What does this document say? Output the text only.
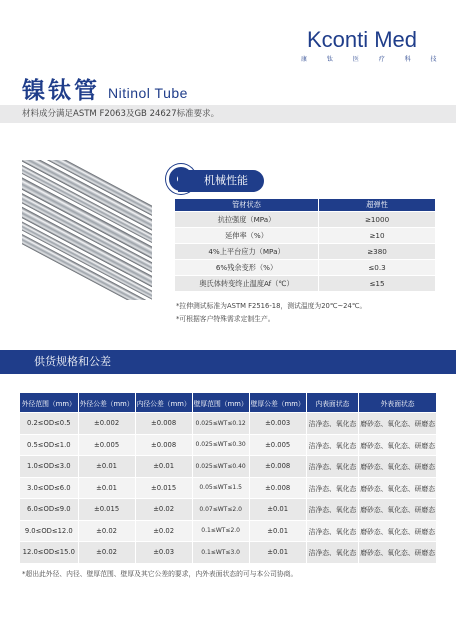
Kconti Med
康 钛 医 疗 科 技
镍钛管 Nitinol Tube
材料成分满足ASTM F2063及GB 24627标准要求。
机械性能
管材状态	超弹性
抗拉强度（MPa）	≥1000
延伸率（%）	≥10
4%上平台应力（MPa）	≥380
6%残余变形（%）	≤0.3
奥氏体转变终止温度Af（℃）	≤15
*拉伸测试标准为ASTM F2516-18，测试温度为20℃~24℃。
*可根据客户特殊需求定制生产。
供货规格和公差
外径范围（mm）	外径公差（mm）	内径公差（mm）	壁厚范围（mm）	壁厚公差（mm）	内表面状态	外表面状态
0.2≤OD≤0.5	±0.002	±0.008	0.025≤WT≤0.12	±0.003	洁净态、氧化态	磨砂态、氧化态、研磨态
0.5≤OD≤1.0	±0.005	±0.008	0.025≤WT≤0.30	±0.005	洁净态、氧化态	磨砂态、氧化态、研磨态
1.0≤OD≤3.0	±0.01	±0.01	0.025≤WT≤0.40	±0.008	洁净态、氧化态	磨砂态、氧化态、研磨态
3.0≤OD≤6.0	±0.01	±0.015	0.05≤WT≤1.5	±0.008	洁净态、氧化态	磨砂态、氧化态、研磨态
6.0≤OD≤9.0	±0.015	±0.02	0.07≤WT≤2.0	±0.01	洁净态、氧化态	磨砂态、氧化态、研磨态
9.0≤OD≤12.0	±0.02	±0.02	0.1≤WT≤2.0	±0.01	洁净态、氧化态	磨砂态、氧化态、研磨态
12.0≤OD≤15.0	±0.02	±0.03	0.1≤WT≤3.0	±0.01	洁净态、氧化态	磨砂态、氧化态、研磨态
*超出此外径、内径、壁厚范围、壁厚及其它公差的要求，内外表面状态的可与本公司协商。
